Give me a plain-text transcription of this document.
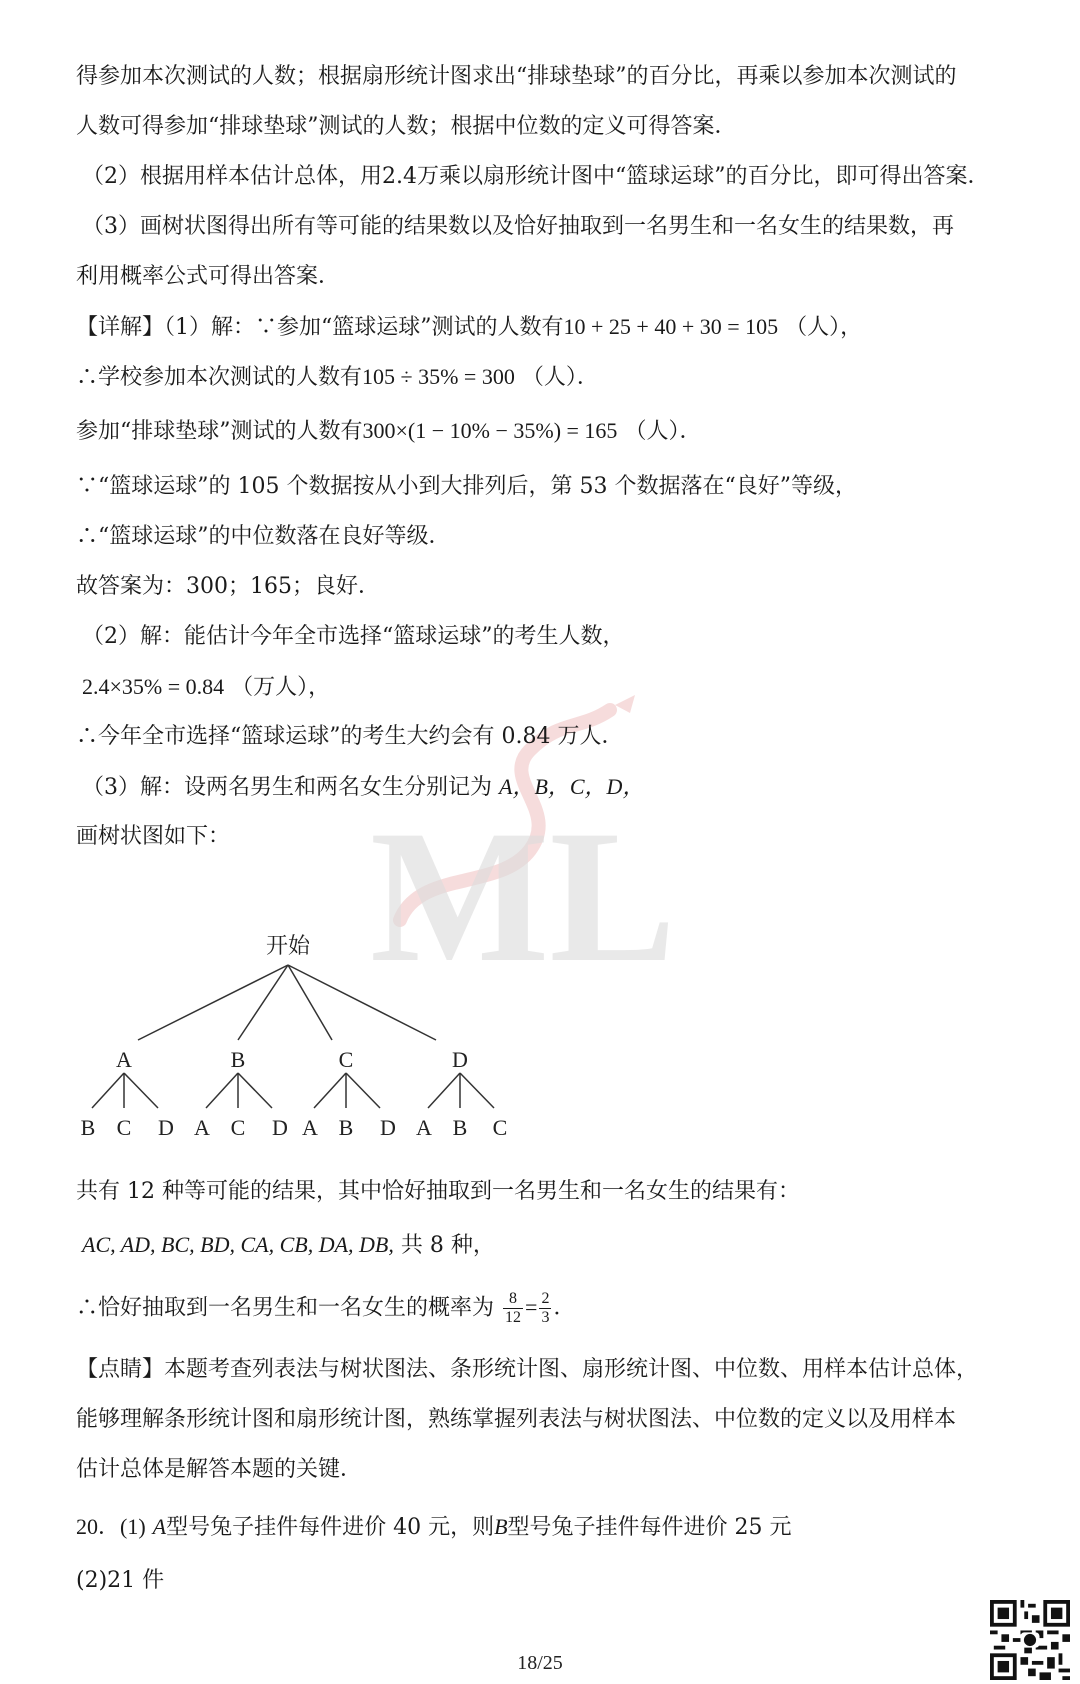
ML
得参加本次测试的人数；根据扇形统计图求出“排球垫球”的百分比，再乘以参加本次测试的
人数可得参加“排球垫球”测试的人数；根据中位数的定义可得答案．
（2）根据用样本估计总体，用2.4万乘以扇形统计图中“篮球运球”的百分比，即可得出答案．
（3）画树状图得出所有等可能的结果数以及恰好抽取到一名男生和一名女生的结果数，再
利用概率公式可得出答案．
【详解】（1）解：∵参加“篮球运球”测试的人数有10 + 25 + 40 + 30 = 105 （人），
∴学校参加本次测试的人数有105 ÷ 35% = 300 （人）．
参加“排球垫球”测试的人数有300×(1 − 10% − 35%) = 165 （人）．
∵“篮球运球”的 105 个数据按从小到大排列后，第 53 个数据落在“良好”等级，
∴“篮球运球”的中位数落在良好等级．
故答案为：300；165；良好．
（2）解：能估计今年全市选择“篮球运球”的考生人数，
2.4×35% = 0.84 （万人），
∴今年全市选择“篮球运球”的考生大约会有 0.84 万人．
（3）解：设两名男生和两名女生分别记为 A，B，C，D，
画树状图如下：
开始
A	B	C	D
B C D A C D A B D A B C
共有 12 种等可能的结果，其中恰好抽取到一名男生和一名女生的结果有：
AC, AD, BC, BD, CA, CB, DA, DB, 共 8 种，
∴恰好抽取到一名男生和一名女生的概率为 $\frac{8}{12} = \frac{2}{3}$ ．
【点睛】本题考查列表法与树状图法、条形统计图、扇形统计图、中位数、用样本估计总体，
能够理解条形统计图和扇形统计图，熟练掌握列表法与树状图法、中位数的定义以及用样本
估计总体是解答本题的关键．
20．(1) A型号兔子挂件每件进价 40 元，则B型号兔子挂件每件进价 25 元
(2)21 件
18/25
